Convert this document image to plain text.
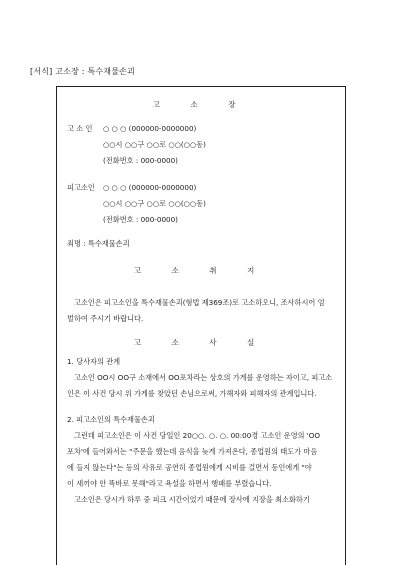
[서식] 고소장 : 특수재물손괴
고 소 장
고 소 인 ○ ○ ○ (000000-0000000)
○○시 ○○구 ○○로 ○○(○○동)
(전화번호 : 000-0000)
피고소인 ○ ○ ○ (000000-0000000)
○○시 ○○구 ○○로 ○○(○○동)
(전화번호 : 000-0000)
죄명 : 특수재물손괴
고 소 취 지
고소인은 피고소인을 특수재물손괴(형법 제369조)로 고소하오니, 조사하시어 엄
벌하여 주시기 바랍니다.
고 소 사 실
1. 당사자의 관계
고소인 OO시 OO구 소재에서 OO포차라는 상호의 가게를 운영하는 자이고, 피고소
인은 이 사건 당시 위 가게를 찾았던 손님으로써, 가해자와 피해자의 관계입니다.
2. 피고소인의 특수재물손괴
그런데 피고소인은 이 사건 당일인 20○○. ○. ○. 00:00경 고소인 운영의 'OO
포차'에 들어와서는 "주문을 했는데 음식을 늦게 가져온다, 종업원의 태도가 마음
에 들지 않는다"는 등의 사유로 공연히 종업원에게 시비를 걸면서 동인에게 "야
이 새끼야 안 똑바로 못해"라고 욕설을 하면서 행패를 부렸습니다.
고소인은 당시가 하루 중 피크 시간이었기 때문에 장사에 지장을 최소화하기
